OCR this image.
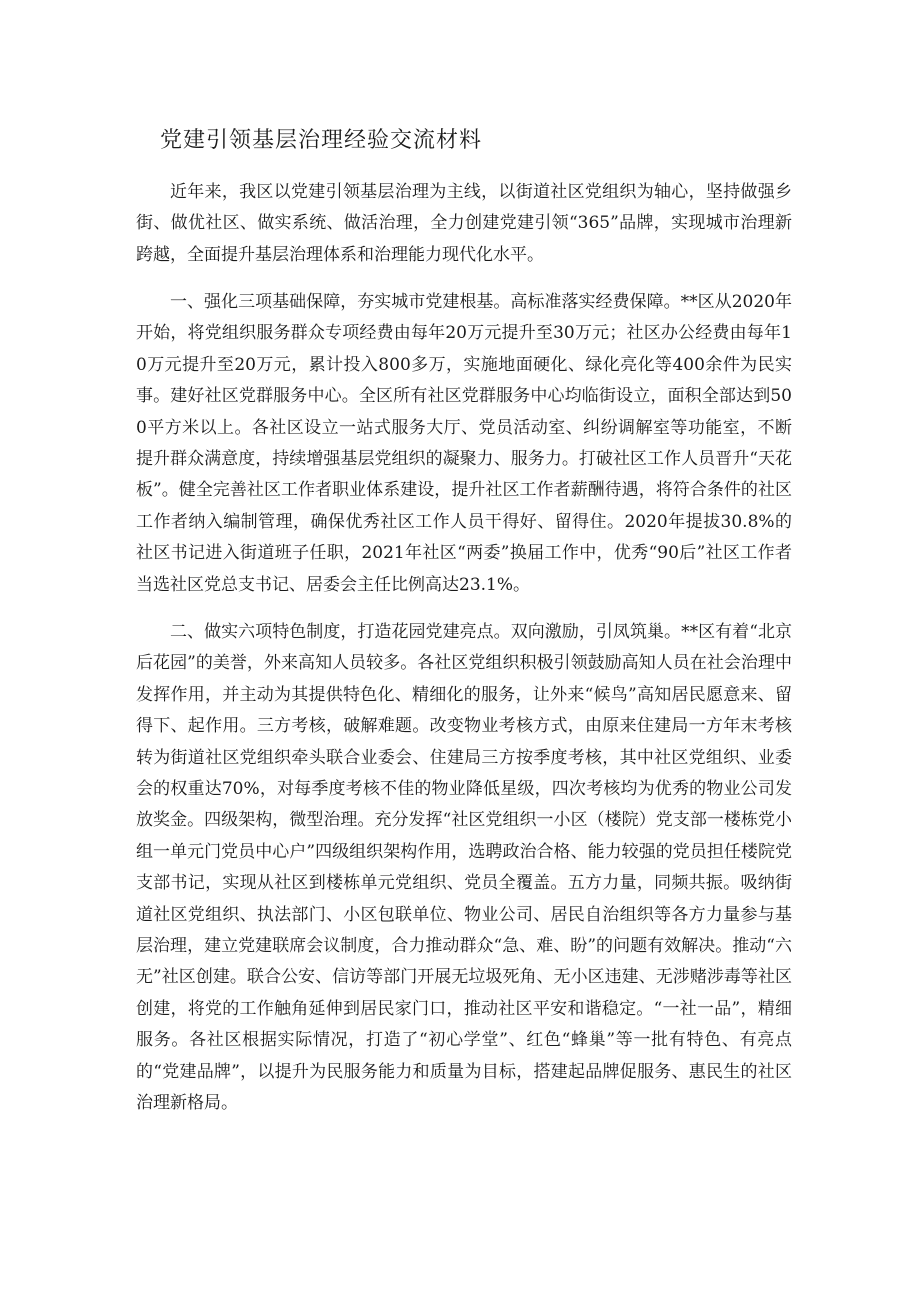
党建引领基层治理经验交流材料

近年来，我区以党建引领基层治理为主线，以街道社区党组织为轴心，坚持做强乡街、做优社区、做实系统、做活治理，全力创建党建引领“365”品牌，实现城市治理新跨越，全面提升基层治理体系和治理能力现代化水平。

一、强化三项基础保障，夯实城市党建根基。高标准落实经费保障。**区从2020年开始，将党组织服务群众专项经费由每年20万元提升至30万元；社区办公经费由每年10万元提升至20万元，累计投入800多万，实施地面硬化、绿化亮化等400余件为民实事。建好社区党群服务中心。全区所有社区党群服务中心均临街设立，面积全部达到500平方米以上。各社区设立一站式服务大厅、党员活动室、纠纷调解室等功能室，不断提升群众满意度，持续增强基层党组织的凝聚力、服务力。打破社区工作人员晋升“天花板”。健全完善社区工作者职业体系建设，提升社区工作者薪酬待遇，将符合条件的社区工作者纳入编制管理，确保优秀社区工作人员干得好、留得住。2020年提拔30.8%的社区书记进入街道班子任职，2021年社区“两委”换届工作中，优秀“90后”社区工作者当选社区党总支书记、居委会主任比例高达23.1%。

二、做实六项特色制度，打造花园党建亮点。双向激励，引凤筑巢。**区有着“北京后花园”的美誉，外来高知人员较多。各社区党组织积极引领鼓励高知人员在社会治理中发挥作用，并主动为其提供特色化、精细化的服务，让外来“候鸟”高知居民愿意来、留得下、起作用。三方考核，破解难题。改变物业考核方式，由原来住建局一方年末考核转为街道社区党组织牵头联合业委会、住建局三方按季度考核，其中社区党组织、业委会的权重达70%，对每季度考核不佳的物业降低星级，四次考核均为优秀的物业公司发放奖金。四级架构，微型治理。充分发挥“社区党组织一小区（楼院）党支部一楼栋党小组一单元门党员中心户”四级组织架构作用，选聘政治合格、能力较强的党员担任楼院党支部书记，实现从社区到楼栋单元党组织、党员全覆盖。五方力量，同频共振。吸纳街道社区党组织、执法部门、小区包联单位、物业公司、居民自治组织等各方力量参与基层治理，建立党建联席会议制度，合力推动群众“急、难、盼”的问题有效解决。推动“六无”社区创建。联合公安、信访等部门开展无垃圾死角、无小区违建、无涉赌涉毒等社区创建，将党的工作触角延伸到居民家门口，推动社区平安和谐稳定。“一社一品”，精细服务。各社区根据实际情况，打造了“初心学堂”、红色“蜂巢”等一批有特色、有亮点的“党建品牌”，以提升为民服务能力和质量为目标，搭建起品牌促服务、惠民生的社区治理新格局。
